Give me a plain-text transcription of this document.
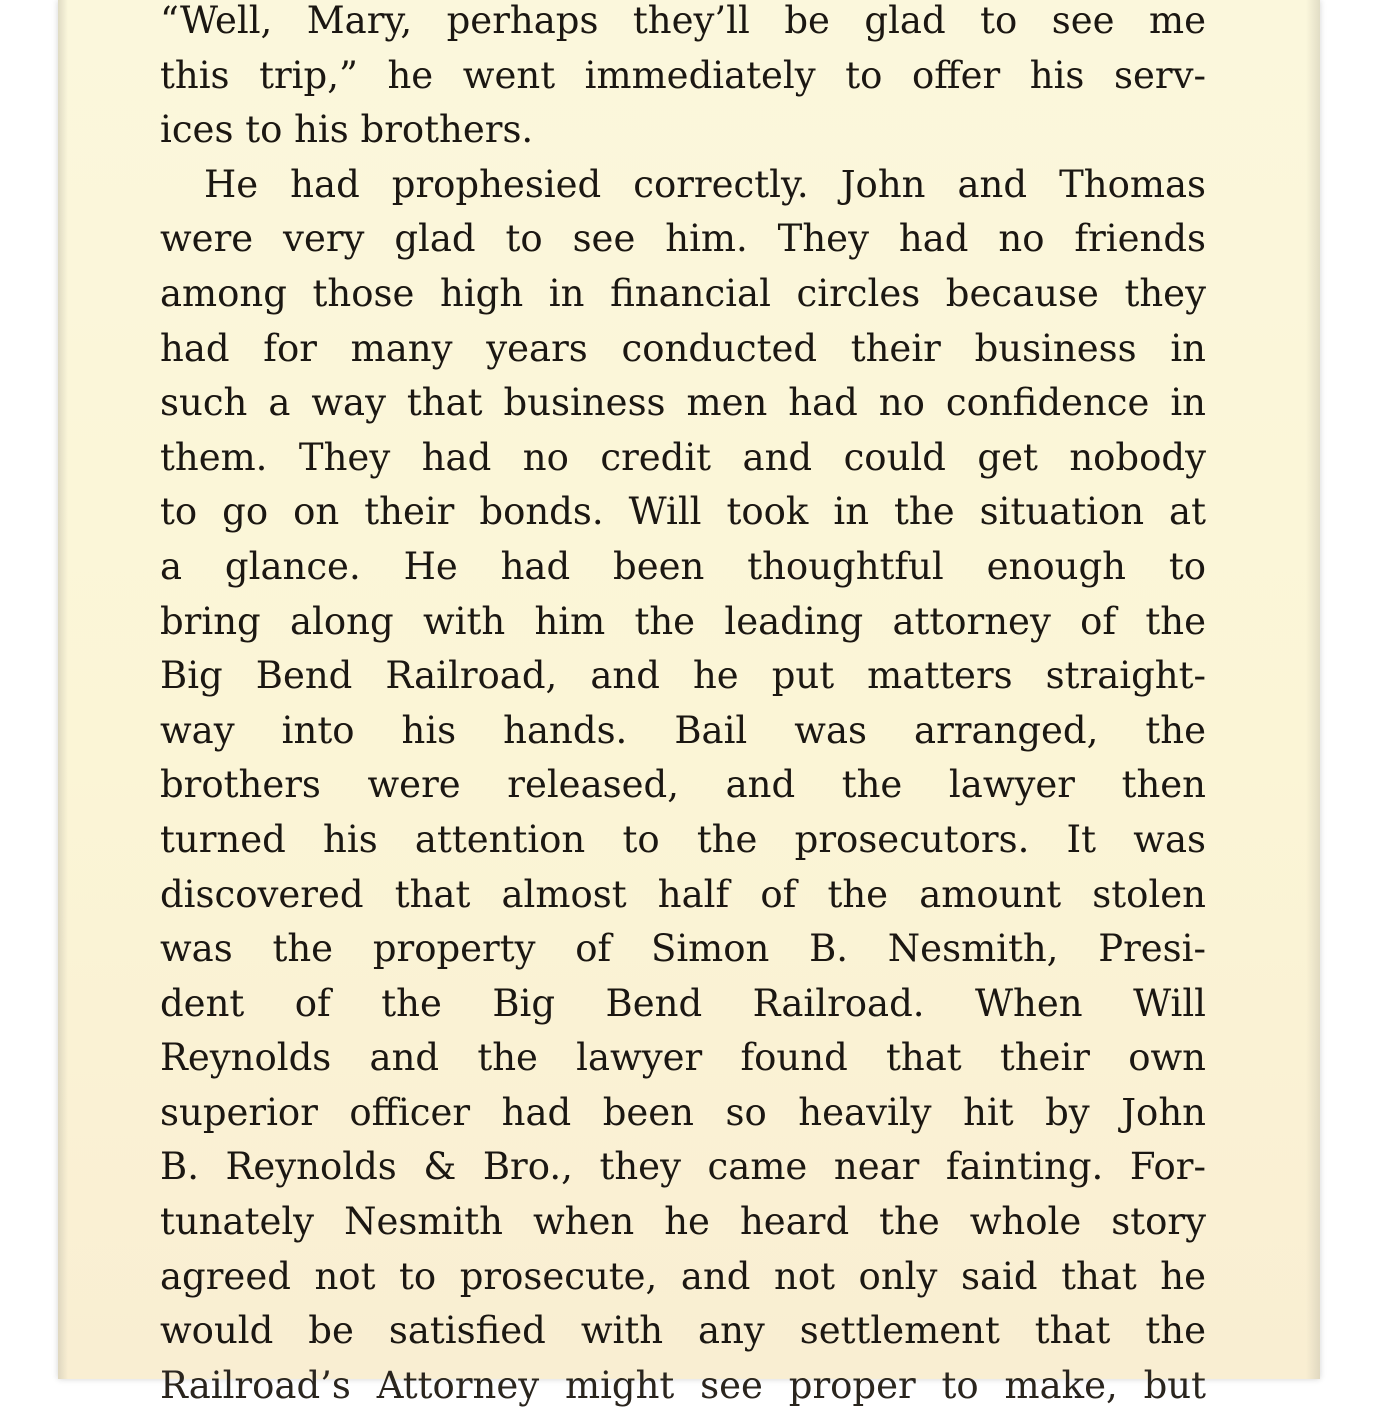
“Well, Mary, perhaps they’ll be glad to see me
this trip,” he went immediately to offer his serv-
ices to his brothers.
He had prophesied correctly. John and Thomas
were very glad to see him. They had no friends
among those high in financial circles because they
had for many years conducted their business in
such a way that business men had no confidence in
them. They had no credit and could get nobody
to go on their bonds. Will took in the situation at
a glance. He had been thoughtful enough to
bring along with him the leading attorney of the
Big Bend Railroad, and he put matters straight-
way into his hands. Bail was arranged, the
brothers were released, and the lawyer then
turned his attention to the prosecutors. It was
discovered that almost half of the amount stolen
was the property of Simon B. Nesmith, Presi-
dent of the Big Bend Railroad. When Will
Reynolds and the lawyer found that their own
superior officer had been so heavily hit by John
B. Reynolds & Bro., they came near fainting. For-
tunately Nesmith when he heard the whole story
agreed not to prosecute, and not only said that he
would be satisfied with any settlement that the
Railroad’s Attorney might see proper to make, but
